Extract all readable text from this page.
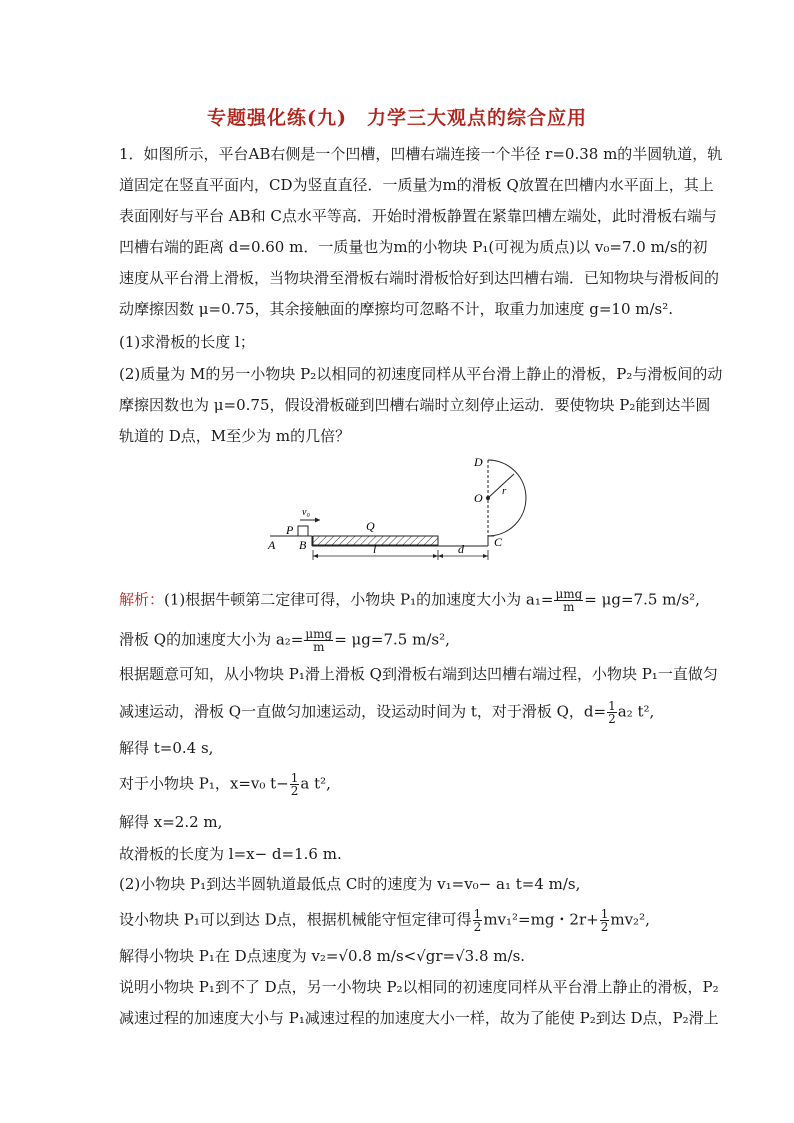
专题强化练(九)　力学三大观点的综合应用
1．如图所示，平台AB右侧是一个凹槽，凹槽右端连接一个半径 r=0.38 m的半圆轨道，轨
道固定在竖直平面内，CD为竖直直径．一质量为m的滑板 Q放置在凹槽内水平面上，其上
表面刚好与平台 AB和 C点水平等高．开始时滑板静置在紧靠凹槽左端处，此时滑板右端与
凹槽右端的距离 d=0.60 m．一质量也为m的小物块 P₁(可视为质点)以 v₀=7.0 m/s的初
速度从平台滑上滑板，当物块滑至滑板右端时滑板恰好到达凹槽右端．已知物块与滑板间的
动摩擦因数 μ=0.75，其余接触面的摩擦均可忽略不计，取重力加速度 g=10 m/s².
(1)求滑板的长度 l；
(2)质量为 M的另一小物块 P₂以相同的初速度同样从平台滑上静止的滑板，P₂与滑板间的动
摩擦因数也为 μ=0.75，假设滑板碰到凹槽右端时立刻停止运动．要使物块 P₂能到达半圆
轨道的 D点，M至少为 m的几倍？
A B
P
v₀
Q
l	d	C
D
O r
解析：(1)根据牛顿第二定律可得，小物块 P₁的加速度大小为 $a_1= \frac{\text{μmg}}{m} = \mu g=7.5$ m/s²,
滑板 Q的加速度大小为 $a_2= \frac{\text{μmg}}{m} = \mu g=7.5$ m/s²,
根据题意可知，从小物块 P₁滑上滑板 Q到滑板右端到达凹槽右端过程，小物块 P₁一直做匀
减速运动，滑板 Q一直做匀加速运动，设运动时间为 t，对于滑板 Q，$d= \frac{1}{2} a_2$ t²,
解得 t=0.4 s,
对于小物块 P₁，x=v₀ $t- \frac{1}{2}$ a t²,
解得 x=2.2 m,
故滑板的长度为 l=x− d=1.6 m.
(2)小物块 P₁到达半圆轨道最低点 C时的速度为 v₁=v₀− a₁ t=4 m/s,
设小物块 P₁可以到达 D点，根据机械能守恒定律可得 $\frac{1}{2} mv_1^2=mg$・$2r+ \frac{1}{2} mv_2^2$,
解得小物块 P₁在 D点速度为 v₂=√0.8 m/s<√gr=√3.8 m/s.
说明小物块 P₁到不了 D点，另一小物块 P₂以相同的初速度同样从平台滑上静止的滑板，P₂
减速过程的加速度大小与 P₁减速过程的加速度大小一样，故为了能使 P₂到达 D点，P₂滑上
